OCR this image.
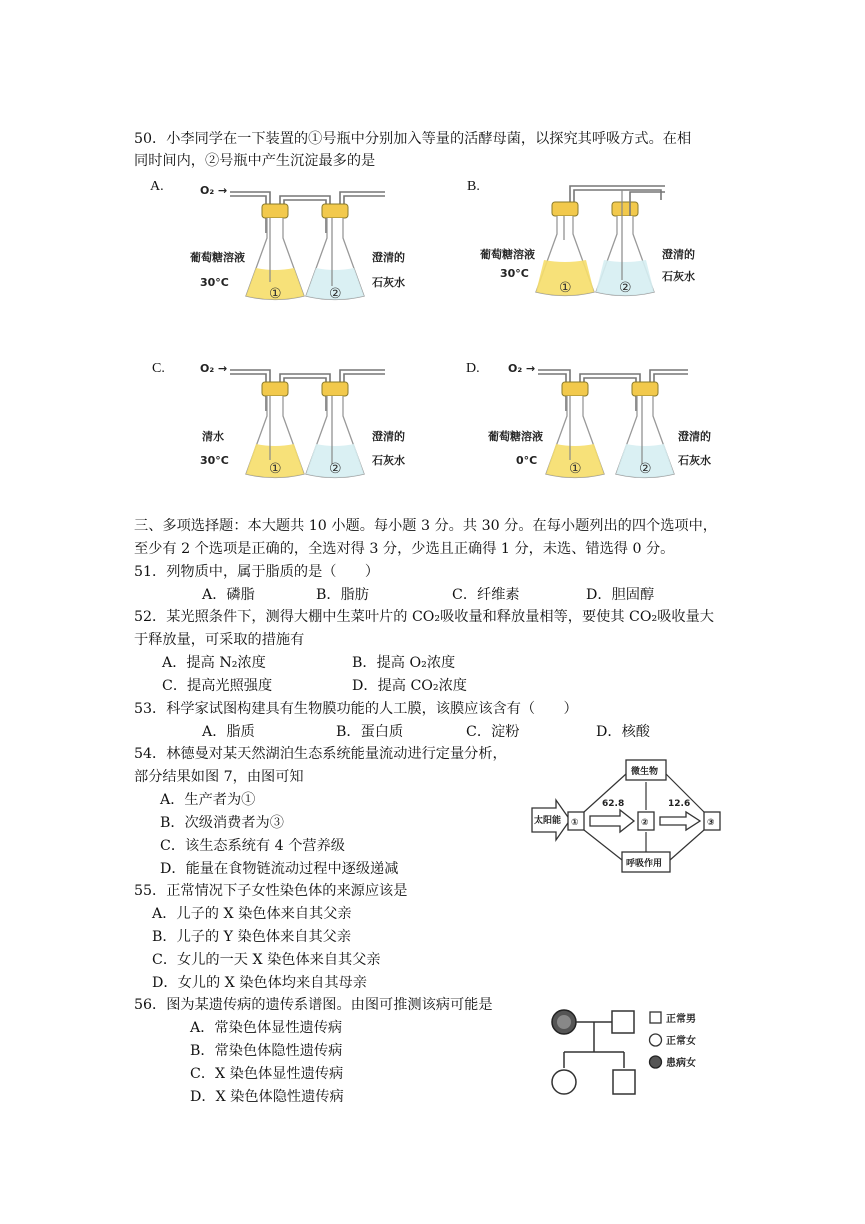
50．小李同学在一下装置的①号瓶中分别加入等量的活酵母菌，以探究其呼吸方式。在相
同时间内，②号瓶中产生沉淀最多的是
A.	O₂ →
①	②
葡萄糖溶液
30°C
澄清的
石灰水
B.
①	②
葡萄糖溶液
30°C
澄清的
石灰水
C.	O₂ →
①	②
清水
30°C
澄清的
石灰水
D.	O₂ →
①	②
葡萄糖溶液
0°C
澄清的
石灰水
三、多项选择题：本大题共 10 小题。每小题 3 分。共 30 分。在每小题列出的四个选项中，
至少有 2 个选项是正确的，全选对得 3 分，少选且正确得 1 分，未选、错选得 0 分。
51．列物质中，属于脂质的是（　　）
A．磷脂	B．脂肪	C．纤维素	D．胆固醇
52．某光照条件下，测得大棚中生菜叶片的 CO₂吸收量和释放量相等，要使其 CO₂吸收量大
于释放量，可采取的措施有
A．提高 N₂浓度	B．提高 O₂浓度
C．提高光照强度	D．提高 CO₂浓度
53．科学家试图构建具有生物膜功能的人工膜，该膜应该含有（　　）
A．脂质	B．蛋白质	C．淀粉	D．核酸
54．林德曼对某天然湖泊生态系统能量流动进行定量分析，
部分结果如图 7，由图可知
A．生产者为①
B．次级消费者为③
C．该生态系统有 4 个营养级
D．能量在食物链流动过程中逐级递减
太阳能 ①	②	③
62.8	12.6
微生物
呼吸作用
55．正常情况下子女性染色体的来源应该是
A．儿子的 X 染色体来自其父亲
B．儿子的 Y 染色体来自其父亲
C．女儿的一天 X 染色体来自其父亲
D．女儿的 X 染色体均来自其母亲
56．图为某遗传病的遗传系谱图。由图可推测该病可能是
A．常染色体显性遗传病
B．常染色体隐性遗传病
C．X 染色体显性遗传病
D．X 染色体隐性遗传病
正常男
正常女
患病女
